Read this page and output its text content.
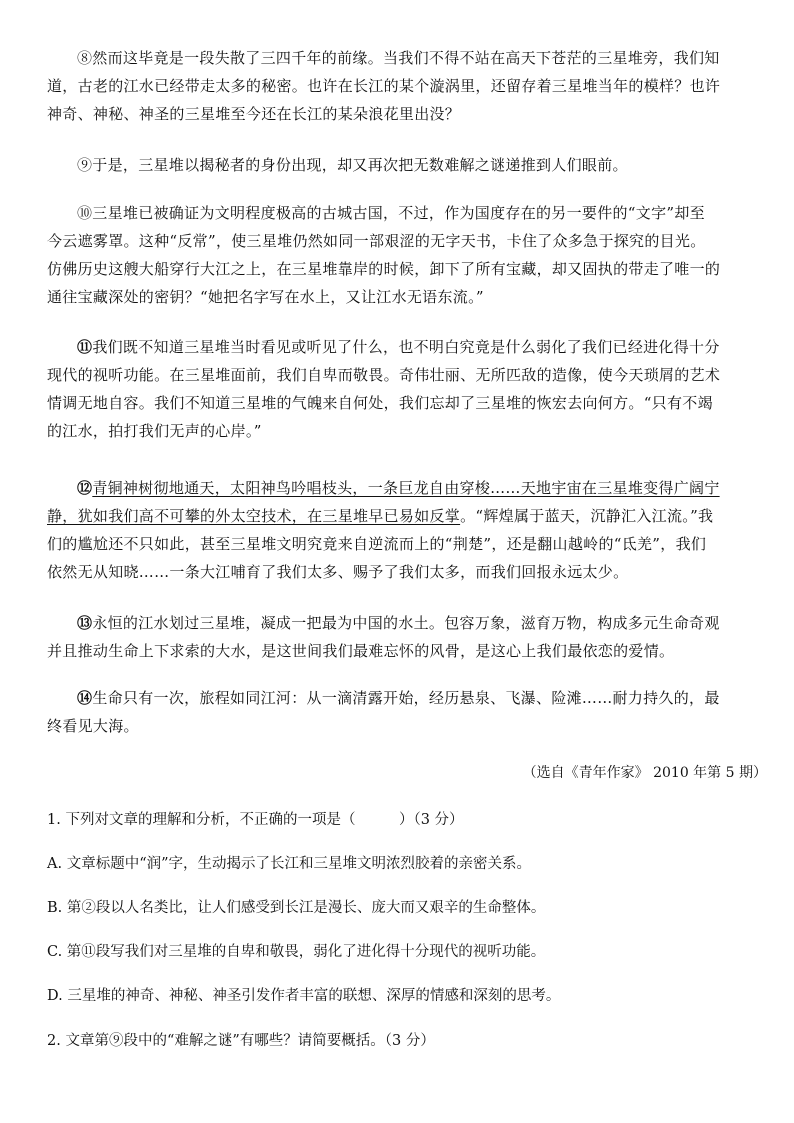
⑧然而这毕竟是一段失散了三四千年的前缘。当我们不得不站在高天下苍茫的三星堆旁，我们知
道，古老的江水已经带走太多的秘密。也许在长江的某个漩涡里，还留存着三星堆当年的模样？也许
神奇、神秘、神圣的三星堆至今还在长江的某朵浪花里出没？
⑨于是，三星堆以揭秘者的身份出现，却又再次把无数难解之谜递推到人们眼前。
⑩三星堆已被确证为文明程度极高的古城古国，不过，作为国度存在的另一要件的“文字”却至
今云遮雾罩。这种“反常”，使三星堆仍然如同一部艰涩的无字天书，卡住了众多急于探究的目光。
仿佛历史这艘大船穿行大江之上，在三星堆靠岸的时候，卸下了所有宝藏，却又固执的带走了唯一的
通往宝藏深处的密钥？“她把名字写在水上，又让江水无语东流。”
⑪我们既不知道三星堆当时看见或听见了什么，也不明白究竟是什么弱化了我们已经进化得十分
现代的视听功能。在三星堆面前，我们自卑而敬畏。奇伟壮丽、无所匹敌的造像，使今天琐屑的艺术
情调无地自容。我们不知道三星堆的气魄来自何处，我们忘却了三星堆的恢宏去向何方。“只有不竭
的江水，拍打我们无声的心岸。”
⑫青铜神树彻地通天，太阳神鸟吟唱枝头，一条巨龙自由穿梭……天地宇宙在三星堆变得广阔宁
静，犹如我们高不可攀的外太空技术，在三星堆早已易如反掌。“辉煌属于蓝天，沉静汇入江流。”我
们的尴尬还不只如此，甚至三星堆文明究竟来自逆流而上的“荆楚”，还是翻山越岭的“氐羌”，我们
依然无从知晓……一条大江哺育了我们太多、赐予了我们太多，而我们回报永远太少。
⑬永恒的江水划过三星堆，凝成一把最为中国的水土。包容万象，滋育万物，构成多元生命奇观
并且推动生命上下求索的大水，是这世间我们最难忘怀的风骨，是这心上我们最依恋的爱情。
⑭生命只有一次，旅程如同江河：从一滴清露开始，经历悬泉、飞瀑、险滩……耐力持久的，最
终看见大海。
（选自《青年作家》 2010 年第 5 期）

1. 下列对文章的理解和分析，不正确的一项是（　　　）（3 分）

A. 文章标题中“润”字，生动揭示了长江和三星堆文明浓烈胶着的亲密关系。

B. 第②段以人名类比，让人们感受到长江是漫长、庞大而又艰辛的生命整体。

C. 第⑪段写我们对三星堆的自卑和敬畏，弱化了进化得十分现代的视听功能。

D. 三星堆的神奇、神秘、神圣引发作者丰富的联想、深厚的情感和深刻的思考。

2. 文章第⑨段中的“难解之谜”有哪些？请简要概括。（3 分）
